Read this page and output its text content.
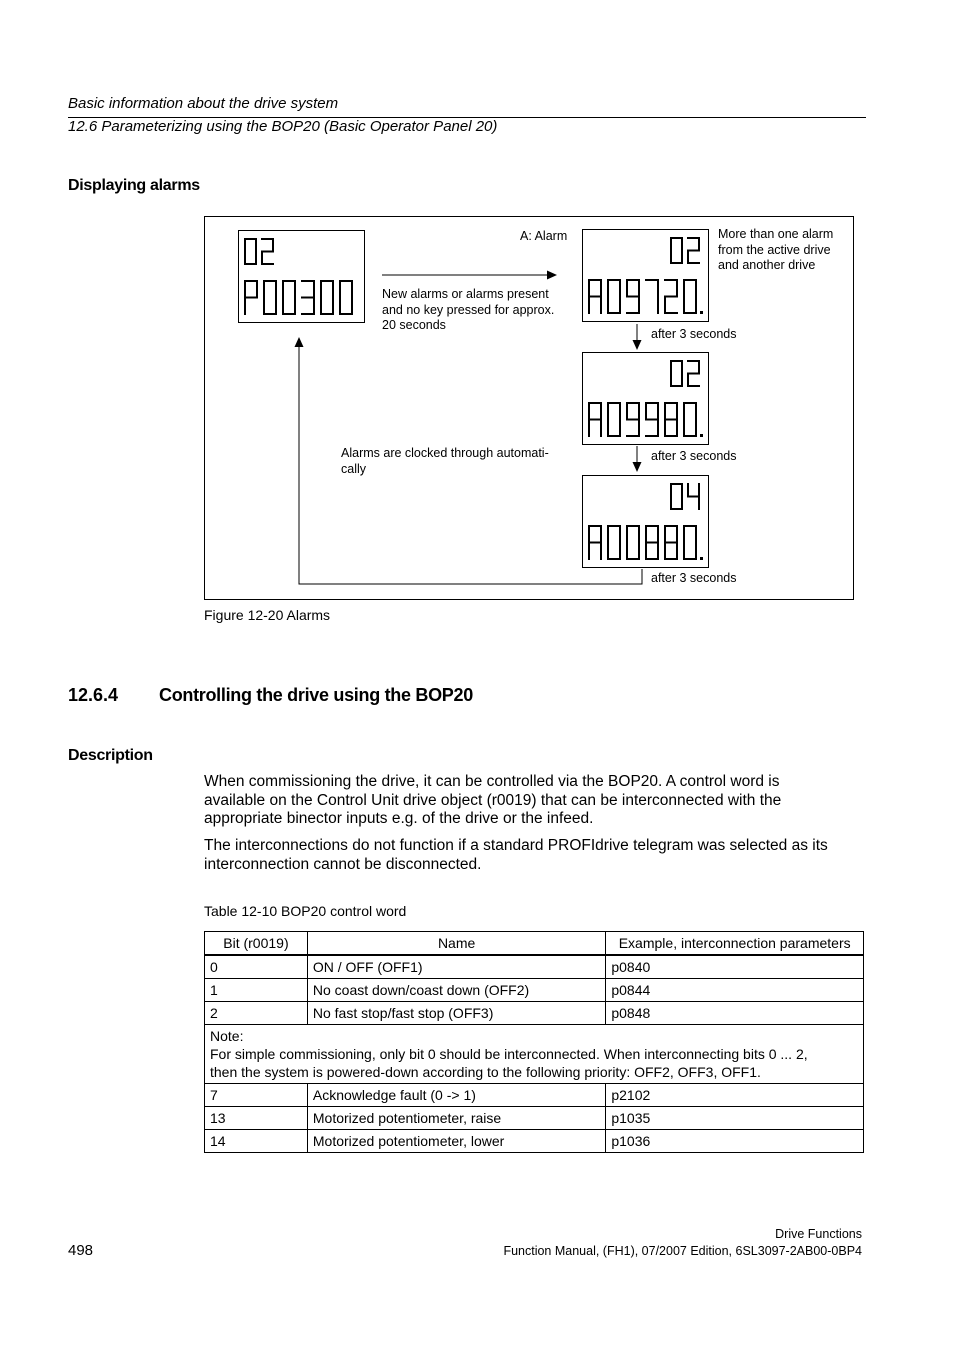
Basic information about the drive system
12.6 Parameterizing using the BOP20 (Basic Operator Panel 20)
Displaying alarms
A: Alarm	More than one alarm
from the active drive
and another drive
New alarms or alarms present
and no key pressed for approx.
20 seconds
after 3 seconds
after 3 seconds
after 3 seconds
Alarms are clocked through automati-
cally
Figure 12-20 Alarms
12.6.4 Controlling the drive using the BOP20
Description
When commissioning the drive, it can be controlled via the BOP20. A control word is
available on the Control Unit drive object (r0019) that can be interconnected with the
appropriate binector inputs e.g. of the drive or the infeed.
The interconnections do not function if a standard PROFIdrive telegram was selected as its
interconnection cannot be disconnected.
Table 12-10 BOP20 control word
Bit (r0019)	Name	Example, interconnection parameters
0	ON / OFF (OFF1)	p0840
1	No coast down/coast down (OFF2)	p0844
2	No fast stop/fast stop (OFF3)	p0848

Note:
For simple commissioning, only bit 0 should be interconnected. When interconnecting bits 0 ... 2,
then the system is powered-down according to the following priority: OFF2, OFF3, OFF1.		

7	Acknowledge fault (0 -> 1)	p2102
13	Motorized potentiometer, raise	p1035
14	Motorized potentiometer, lower	p1036
498
Drive Functions
Function Manual, (FH1), 07/2007 Edition, 6SL3097-2AB00-0BP4
